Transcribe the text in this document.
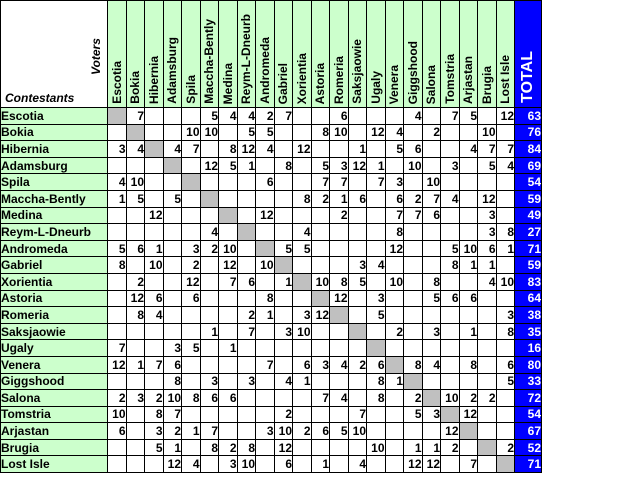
Voters
Contestants	Escotia	Bokia	Hibernia	Adamsburg	Spila	Maccha-Bently	Medina	Reym-L-Dneurb	Andromeda	Gabriel	Xorientia	Astoria	Romeria	Saksjaowie	Ugaly	Venera	Giggshood	Salona	Tomstria	Arjastan	Brugia	Lost Isle	TOTAL

Escotia		7				5	4	4	2	7			6				4		7	5		12	63
Bokia					10	10		5	5			8	10		12	4		2			10		76
Hibernia	3	4		4	7		8	12	4		12			1		5	6			4	7	7	84
Adamsburg						12	5	1		8		5	3	12	1		10		3		5	4	69
Spila	4	10							6			7	7		7	3		10					54
Maccha-Bently	1	5		5							8	2	1	6		6	2	7	4		12		59
Medina			12						12				2			7	7	6			3		49
Reym-L-Dneurb						4					4					8					3	8	27
Andromeda	5	6	1		3	2	10			5	5					12			5	10	6	1	71
Gabriel	8		10		2		12		10					3	4				8	1	1		59
Xorientia		2			12		7	6		1		10	8	5		10		8			4	10	83
Astoria		12	6		6				8				12		3			5	6	6			64
Romeria		8	4					2	1		3	12			5							3	38
Saksjaowie						1		7		3	10					2		3		1		8	35
Ugaly	7			3	5		1																16
Venera	12	1	7	6					7		6	3	4	2	6		8	4		8		6	80
Giggshood				8		3		3		4	1				8	1						5	33
Salona	2	3	2	10	8	6	6					7	4		8		2		10	2	2		72
Tomstria	10		8	7						2				7			5	3		12			54
Arjastan	6		3	2	1	7			3	10	2	6	5	10					12				67
Brugia			5	1		8	2	8		12					10		1	1	2			2	52
Lost Isle				12	4		3	10		6		1		4			12	12		7			71
